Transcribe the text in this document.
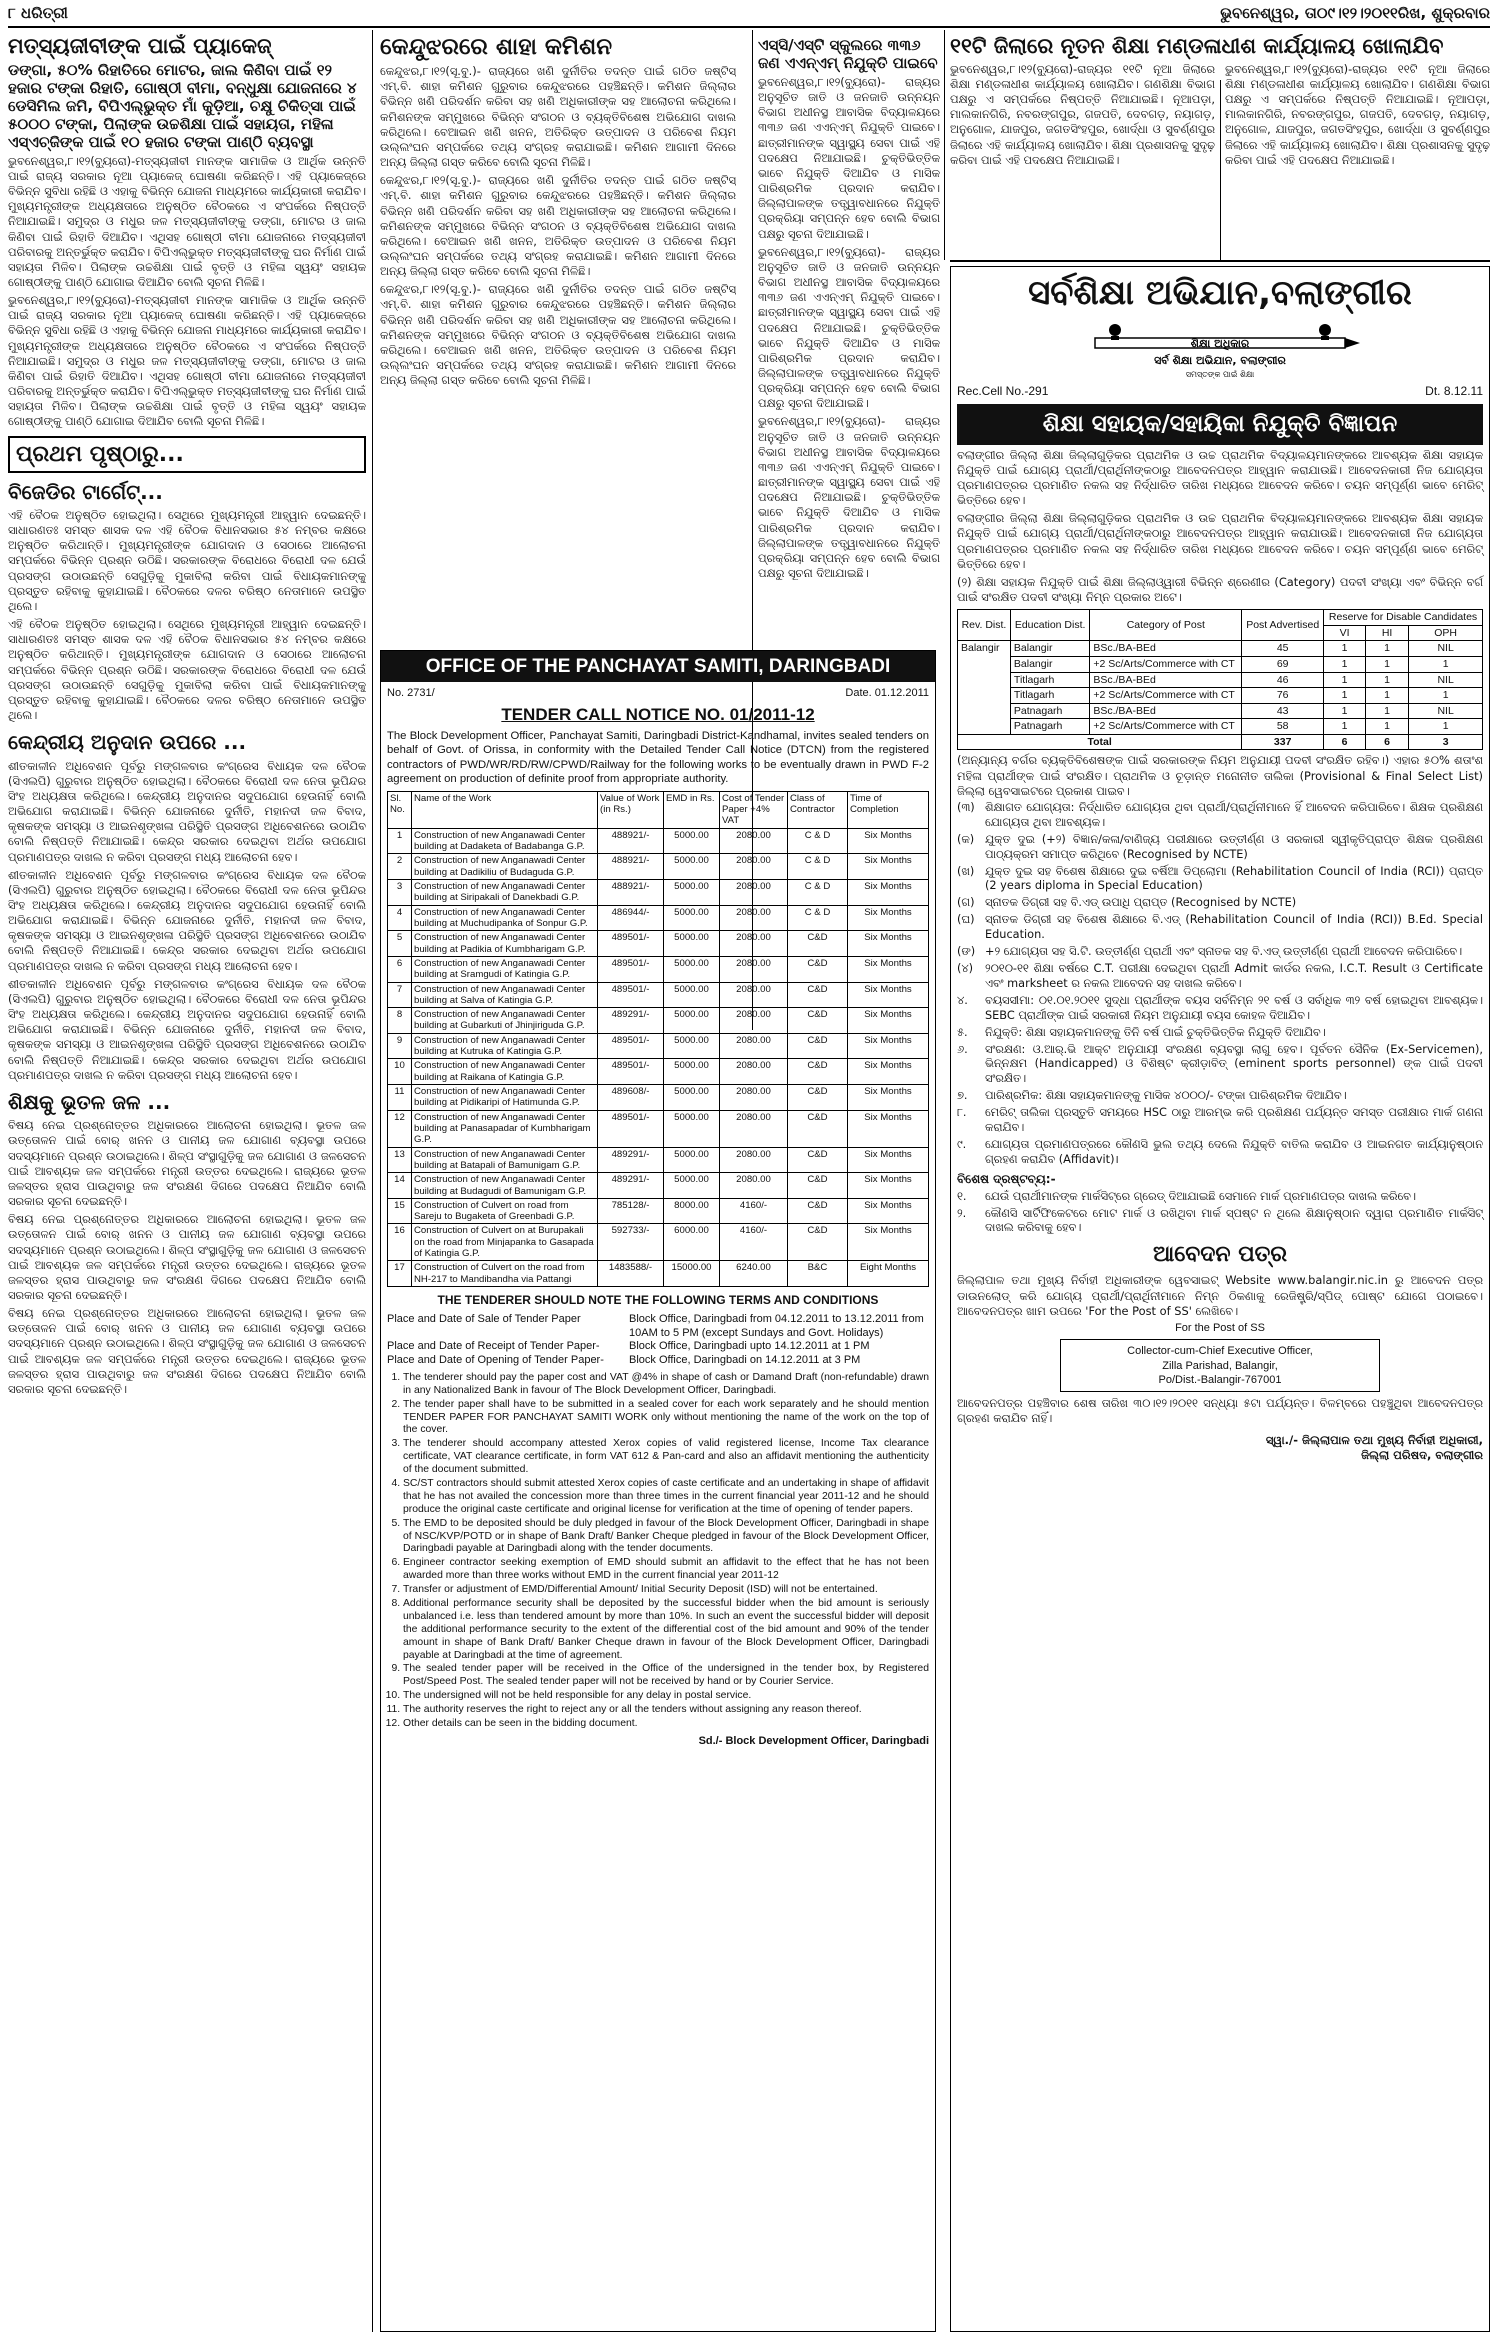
୮ ଧରିତ୍ରୀ	ଭୁବନେଶ୍ୱର, ତା୦୯।୧୨।୨୦୧୧ରିଖ, ଶୁକ୍ରବାର
ମତ୍ସ୍ୟଜୀବୀଙ୍କ ପାଇଁ ପ୍ୟାକେଜ୍
ଡଙ୍ଗା, ୫୦% ରିହାତିରେ ମୋଟର, ଜାଲ କିଣିବା ପାଇଁ ୧୨ ହଜାର ଟଙ୍କା ରିହାତି, ଗୋଷ୍ଠୀ ବୀମା, ବନ୍ଧୁକ୍ଷା ଯୋଜନାରେ ୪ ଡେସିମିଲ ଜମି, ବିପିଏଲ୍‌ଭୁକ୍ତ ମାଁ କୁଡ଼ିଆ, ଚକ୍ଷୁ ଚିକିତ୍ସା ପାଇଁ ୫୦୦୦ ଟଙ୍କା, ପିଲାଙ୍କ ଉଚ୍ଚଶିକ୍ଷା ପାଇଁ ସହାୟତା, ମହିଳା ଏସ୍‌ଏଚ୍‌ଜିଙ୍କ ପାଇଁ ୧୦ ହଜାର ଟଙ୍କା ପାଣ୍ଠି ବ୍ୟବସ୍ଥା
ଭୁବନେଶ୍ୱର,୮।୧୨(ବ୍ୟୁରୋ)-ମତ୍ସ୍ୟଜୀବୀ ମାନଙ୍କ ସାମାଜିକ ଓ ଆର୍ଥିକ ଉନ୍ନତି ପାଇଁ ରାଜ୍ୟ ସରକାର ନୂଆ ପ୍ୟାକେଜ୍ ଘୋଷଣା କରିଛନ୍ତି। ଏହି ପ୍ୟାକେଜ୍‌ରେ ବିଭିନ୍ନ ସୁବିଧା ରହିଛି ଓ ଏହାକୁ ବିଭିନ୍ନ ଯୋଜନା ମାଧ୍ୟମରେ କାର୍ଯ୍ୟକାରୀ କରାଯିବ। ମୁଖ୍ୟମନ୍ତ୍ରୀଙ୍କ ଅଧ୍ୟକ୍ଷତାରେ ଅନୁଷ୍ଠିତ ବୈଠକରେ ଏ ସଂପର୍କରେ ନିଷ୍ପତ୍ତି ନିଆଯାଇଛି। ସମୁଦ୍ର ଓ ମଧୁର ଜଳ ମତ୍ସ୍ୟଜୀବୀଙ୍କୁ ଡଙ୍ଗା, ମୋଟର ଓ ଜାଲ କିଣିବା ପାଇଁ ରିହାତି ଦିଆଯିବ। ଏଥିସହ ଗୋଷ୍ଠୀ ବୀମା ଯୋଜନାରେ ମତ୍ସ୍ୟଜୀବୀ ପରିବାରକୁ ଅନ୍ତର୍ଭୁକ୍ତ କରାଯିବ। ବିପିଏଲ୍‌ଭୁକ୍ତ ମତ୍ସ୍ୟଜୀବୀଙ୍କୁ ଘର ନିର୍ମାଣ ପାଇଁ ସହାୟତା ମିଳିବ। ପିଲାଙ୍କ ଉଚ୍ଚଶିକ୍ଷା ପାଇଁ ବୃତ୍ତି ଓ ମହିଳା ସ୍ୱୟଂ ସହାୟକ ଗୋଷ୍ଠୀଙ୍କୁ ପାଣ୍ଠି ଯୋଗାଇ ଦିଆଯିବ ବୋଲି ସୂଚନା ମିଳିଛି।
ଭୁବନେଶ୍ୱର,୮।୧୨(ବ୍ୟୁରୋ)-ମତ୍ସ୍ୟଜୀବୀ ମାନଙ୍କ ସାମାଜିକ ଓ ଆର୍ଥିକ ଉନ୍ନତି ପାଇଁ ରାଜ୍ୟ ସରକାର ନୂଆ ପ୍ୟାକେଜ୍ ଘୋଷଣା କରିଛନ୍ତି। ଏହି ପ୍ୟାକେଜ୍‌ରେ ବିଭିନ୍ନ ସୁବିଧା ରହିଛି ଓ ଏହାକୁ ବିଭିନ୍ନ ଯୋଜନା ମାଧ୍ୟମରେ କାର୍ଯ୍ୟକାରୀ କରାଯିବ। ମୁଖ୍ୟମନ୍ତ୍ରୀଙ୍କ ଅଧ୍ୟକ୍ଷତାରେ ଅନୁଷ୍ଠିତ ବୈଠକରେ ଏ ସଂପର୍କରେ ନିଷ୍ପତ୍ତି ନିଆଯାଇଛି। ସମୁଦ୍ର ଓ ମଧୁର ଜଳ ମତ୍ସ୍ୟଜୀବୀଙ୍କୁ ଡଙ୍ଗା, ମୋଟର ଓ ଜାଲ କିଣିବା ପାଇଁ ରିହାତି ଦିଆଯିବ। ଏଥିସହ ଗୋଷ୍ଠୀ ବୀମା ଯୋଜନାରେ ମତ୍ସ୍ୟଜୀବୀ ପରିବାରକୁ ଅନ୍ତର୍ଭୁକ୍ତ କରାଯିବ। ବିପିଏଲ୍‌ଭୁକ୍ତ ମତ୍ସ୍ୟଜୀବୀଙ୍କୁ ଘର ନିର୍ମାଣ ପାଇଁ ସହାୟତା ମିଳିବ। ପିଲାଙ୍କ ଉଚ୍ଚଶିକ୍ଷା ପାଇଁ ବୃତ୍ତି ଓ ମହିଳା ସ୍ୱୟଂ ସହାୟକ ଗୋଷ୍ଠୀଙ୍କୁ ପାଣ୍ଠି ଯୋଗାଇ ଦିଆଯିବ ବୋଲି ସୂଚନା ମିଳିଛି।
ପ୍ରଥମ ପୃଷ୍ଠାରୁ...
ବିଜେଡିର ଟାର୍ଗେଟ୍...
ଏହି ବୈଠକ ଅନୁଷ୍ଠିତ ହୋଇଥିଲା। ସେଥିରେ ମୁଖ୍ୟମନ୍ତ୍ରୀ ଆହ୍ୱାନ ଦେଇଛନ୍ତି। ସାଧାରଣତଃ ସମସ୍ତ ଶାସକ ଦଳ ଏହି ବୈଠକ ବିଧାନସଭାର ୫୪ ନମ୍ବର କକ୍ଷରେ ଅନୁଷ୍ଠିତ କରିଥାନ୍ତି। ମୁଖ୍ୟମନ୍ତ୍ରୀଙ୍କ ଯୋଗଦାନ ଓ ସେଠାରେ ଆଲୋଚନା ସମ୍ପର୍କରେ ବିଭିନ୍ନ ପ୍ରଶ୍ନ ଉଠିଛି। ସରକାରଙ୍କ ବିରୋଧରେ ବିରୋଧୀ ଦଳ ଯେଉଁ ପ୍ରସଙ୍ଗ ଉଠାଉଛନ୍ତି ସେଗୁଡ଼ିକୁ ମୁକାବିଲା କରିବା ପାଇଁ ବିଧାୟକମାନଙ୍କୁ ପ୍ରସ୍ତୁତ ରହିବାକୁ କୁହାଯାଇଛି। ବୈଠକରେ ଦଳର ବରିଷ୍ଠ ନେତାମାନେ ଉପସ୍ଥିତ ଥିଲେ।
ଏହି ବୈଠକ ଅନୁଷ୍ଠିତ ହୋଇଥିଲା। ସେଥିରେ ମୁଖ୍ୟମନ୍ତ୍ରୀ ଆହ୍ୱାନ ଦେଇଛନ୍ତି। ସାଧାରଣତଃ ସମସ୍ତ ଶାସକ ଦଳ ଏହି ବୈଠକ ବିଧାନସଭାର ୫୪ ନମ୍ବର କକ୍ଷରେ ଅନୁଷ୍ଠିତ କରିଥାନ୍ତି। ମୁଖ୍ୟମନ୍ତ୍ରୀଙ୍କ ଯୋଗଦାନ ଓ ସେଠାରେ ଆଲୋଚନା ସମ୍ପର୍କରେ ବିଭିନ୍ନ ପ୍ରଶ୍ନ ଉଠିଛି। ସରକାରଙ୍କ ବିରୋଧରେ ବିରୋଧୀ ଦଳ ଯେଉଁ ପ୍ରସଙ୍ଗ ଉଠାଉଛନ୍ତି ସେଗୁଡ଼ିକୁ ମୁକାବିଲା କରିବା ପାଇଁ ବିଧାୟକମାନଙ୍କୁ ପ୍ରସ୍ତୁତ ରହିବାକୁ କୁହାଯାଇଛି। ବୈଠକରେ ଦଳର ବରିଷ୍ଠ ନେତାମାନେ ଉପସ୍ଥିତ ଥିଲେ।
କେନ୍ଦ୍ରୀୟ ଅନୁଦାନ ଉପରେ ...
ଶୀତକାଳୀନ ଅଧିବେଶନ ପୂର୍ବରୁ ମଙ୍ଗଳବାର କଂଗ୍ରେସ ବିଧାୟକ ଦଳ ବୈଠକ (ସିଏଲପି) ଗୁରୁବାର ଅନୁଷ୍ଠିତ ହୋଇଥିଲା। ବୈଠକରେ ବିରୋଧୀ ଦଳ ନେତା ଭୂପିନ୍ଦର ସିଂହ ଅଧ୍ୟକ୍ଷତା କରିଥିଲେ। କେନ୍ଦ୍ରୀୟ ଅନୁଦାନର ସଦୁପଯୋଗ ହେଉନାହିଁ ବୋଲି ଅଭିଯୋଗ କରାଯାଇଛି। ବିଭିନ୍ନ ଯୋଜନାରେ ଦୁର୍ନୀତି, ମହାନଦୀ ଜଳ ବିବାଦ, କୃଷକଙ୍କ ସମସ୍ୟା ଓ ଆଇନଶୃଙ୍ଖଳା ପରିସ୍ଥିତି ପ୍ରସଙ୍ଗ ଅଧିବେଶନରେ ଉଠାଯିବ ବୋଲି ନିଷ୍ପତ୍ତି ନିଆଯାଇଛି। କେନ୍ଦ୍ର ସରକାର ଦେଇଥିବା ଅର୍ଥର ଉପଯୋଗ ପ୍ରମାଣପତ୍ର ଦାଖଲ ନ କରିବା ପ୍ରସଙ୍ଗ ମଧ୍ୟ ଆଲୋଚନା ହେବ।
ଶୀତକାଳୀନ ଅଧିବେଶନ ପୂର୍ବରୁ ମଙ୍ଗଳବାର କଂଗ୍ରେସ ବିଧାୟକ ଦଳ ବୈଠକ (ସିଏଲପି) ଗୁରୁବାର ଅନୁଷ୍ଠିତ ହୋଇଥିଲା। ବୈଠକରେ ବିରୋଧୀ ଦଳ ନେତା ଭୂପିନ୍ଦର ସିଂହ ଅଧ୍ୟକ୍ଷତା କରିଥିଲେ। କେନ୍ଦ୍ରୀୟ ଅନୁଦାନର ସଦୁପଯୋଗ ହେଉନାହିଁ ବୋଲି ଅଭିଯୋଗ କରାଯାଇଛି। ବିଭିନ୍ନ ଯୋଜନାରେ ଦୁର୍ନୀତି, ମହାନଦୀ ଜଳ ବିବାଦ, କୃଷକଙ୍କ ସମସ୍ୟା ଓ ଆଇନଶୃଙ୍ଖଳା ପରିସ୍ଥିତି ପ୍ରସଙ୍ଗ ଅଧିବେଶନରେ ଉଠାଯିବ ବୋଲି ନିଷ୍ପତ୍ତି ନିଆଯାଇଛି। କେନ୍ଦ୍ର ସରକାର ଦେଇଥିବା ଅର୍ଥର ଉପଯୋଗ ପ୍ରମାଣପତ୍ର ଦାଖଲ ନ କରିବା ପ୍ରସଙ୍ଗ ମଧ୍ୟ ଆଲୋଚନା ହେବ।
ଶୀତକାଳୀନ ଅଧିବେଶନ ପୂର୍ବରୁ ମଙ୍ଗଳବାର କଂଗ୍ରେସ ବିଧାୟକ ଦଳ ବୈଠକ (ସିଏଲପି) ଗୁରୁବାର ଅନୁଷ୍ଠିତ ହୋଇଥିଲା। ବୈଠକରେ ବିରୋଧୀ ଦଳ ନେତା ଭୂପିନ୍ଦର ସିଂହ ଅଧ୍ୟକ୍ଷତା କରିଥିଲେ। କେନ୍ଦ୍ରୀୟ ଅନୁଦାନର ସଦୁପଯୋଗ ହେଉନାହିଁ ବୋଲି ଅଭିଯୋଗ କରାଯାଇଛି। ବିଭିନ୍ନ ଯୋଜନାରେ ଦୁର୍ନୀତି, ମହାନଦୀ ଜଳ ବିବାଦ, କୃଷକଙ୍କ ସମସ୍ୟା ଓ ଆଇନଶୃଙ୍ଖଳା ପରିସ୍ଥିତି ପ୍ରସଙ୍ଗ ଅଧିବେଶନରେ ଉଠାଯିବ ବୋଲି ନିଷ୍ପତ୍ତି ନିଆଯାଇଛି। କେନ୍ଦ୍ର ସରକାର ଦେଇଥିବା ଅର୍ଥର ଉପଯୋଗ ପ୍ରମାଣପତ୍ର ଦାଖଲ ନ କରିବା ପ୍ରସଙ୍ଗ ମଧ୍ୟ ଆଲୋଚନା ହେବ।
ଶିକ୍ଷକୁ ଭୂତଳ ଜଳ ...
ବିଷୟ ନେଇ ପ୍ରଶ୍ନୋତ୍ତର ଅଧିକାରରେ ଆଲୋଚନା ହୋଇଥିଲା। ଭୂତଳ ଜଳ ଉତ୍ତୋଳନ ପାଇଁ ବୋର୍ ଖନନ ଓ ପାନୀୟ ଜଳ ଯୋଗାଣ ବ୍ୟବସ୍ଥା ଉପରେ ସଦସ୍ୟମାନେ ପ୍ରଶ୍ନ ଉଠାଇଥିଲେ। ଶିଳ୍ପ ସଂସ୍ଥାଗୁଡ଼ିକୁ ଜଳ ଯୋଗାଣ ଓ ଜଳସେଚନ ପାଇଁ ଆବଶ୍ୟକ ଜଳ ସମ୍ପର୍କରେ ମନ୍ତ୍ରୀ ଉତ୍ତର ଦେଇଥିଲେ। ରାଜ୍ୟରେ ଭୂତଳ ଜଳସ୍ତର ହ୍ରାସ ପାଉଥିବାରୁ ଜଳ ସଂରକ୍ଷଣ ଦିଗରେ ପଦକ୍ଷେପ ନିଆଯିବ ବୋଲି ସରକାର ସୂଚନା ଦେଇଛନ୍ତି।
ବିଷୟ ନେଇ ପ୍ରଶ୍ନୋତ୍ତର ଅଧିକାରରେ ଆଲୋଚନା ହୋଇଥିଲା। ଭୂତଳ ଜଳ ଉତ୍ତୋଳନ ପାଇଁ ବୋର୍ ଖନନ ଓ ପାନୀୟ ଜଳ ଯୋଗାଣ ବ୍ୟବସ୍ଥା ଉପରେ ସଦସ୍ୟମାନେ ପ୍ରଶ୍ନ ଉଠାଇଥିଲେ। ଶିଳ୍ପ ସଂସ୍ଥାଗୁଡ଼ିକୁ ଜଳ ଯୋଗାଣ ଓ ଜଳସେଚନ ପାଇଁ ଆବଶ୍ୟକ ଜଳ ସମ୍ପର୍କରେ ମନ୍ତ୍ରୀ ଉତ୍ତର ଦେଇଥିଲେ। ରାଜ୍ୟରେ ଭୂତଳ ଜଳସ୍ତର ହ୍ରାସ ପାଉଥିବାରୁ ଜଳ ସଂରକ୍ଷଣ ଦିଗରେ ପଦକ୍ଷେପ ନିଆଯିବ ବୋଲି ସରକାର ସୂଚନା ଦେଇଛନ୍ତି।
ବିଷୟ ନେଇ ପ୍ରଶ୍ନୋତ୍ତର ଅଧିକାରରେ ଆଲୋଚନା ହୋଇଥିଲା। ଭୂତଳ ଜଳ ଉତ୍ତୋଳନ ପାଇଁ ବୋର୍ ଖନନ ଓ ପାନୀୟ ଜଳ ଯୋଗାଣ ବ୍ୟବସ୍ଥା ଉପରେ ସଦସ୍ୟମାନେ ପ୍ରଶ୍ନ ଉଠାଇଥିଲେ। ଶିଳ୍ପ ସଂସ୍ଥାଗୁଡ଼ିକୁ ଜଳ ଯୋଗାଣ ଓ ଜଳସେଚନ ପାଇଁ ଆବଶ୍ୟକ ଜଳ ସମ୍ପର୍କରେ ମନ୍ତ୍ରୀ ଉତ୍ତର ଦେଇଥିଲେ। ରାଜ୍ୟରେ ଭୂତଳ ଜଳସ୍ତର ହ୍ରାସ ପାଉଥିବାରୁ ଜଳ ସଂରକ୍ଷଣ ଦିଗରେ ପଦକ୍ଷେପ ନିଆଯିବ ବୋଲି ସରକାର ସୂଚନା ଦେଇଛନ୍ତି।
କେନ୍ଦୁଝରରେ ଶାହା କମିଶନ
କେନ୍ଦୁଝର,୮।୧୨(ସୂ.ବୁ.)- ରାଜ୍ୟରେ ଖଣି ଦୁର୍ନୀତିର ତଦନ୍ତ ପାଇଁ ଗଠିତ ଜଷ୍ଟିସ୍ ଏମ୍.ବି. ଶାହା କମିଶନ ଗୁରୁବାର କେନ୍ଦୁଝରରେ ପହଞ୍ଚିଛନ୍ତି। କମିଶନ ଜିଲ୍ଲାର ବିଭିନ୍ନ ଖଣି ପରିଦର୍ଶନ କରିବା ସହ ଖଣି ଅଧିକାରୀଙ୍କ ସହ ଆଲୋଚନା କରିଥିଲେ। କମିଶନଙ୍କ ସମ୍ମୁଖରେ ବିଭିନ୍ନ ସଂଗଠନ ଓ ବ୍ୟକ୍ତିବିଶେଷ ଅଭିଯୋଗ ଦାଖଲ କରିଥିଲେ। ବେଆଇନ ଖଣି ଖନନ, ଅତିରିକ୍ତ ଉତ୍ପାଦନ ଓ ପରିବେଶ ନିୟମ ଉଲ୍ଲଂଘନ ସମ୍ପର୍କରେ ତଥ୍ୟ ସଂଗ୍ରହ କରାଯାଇଛି। କମିଶନ ଆଗାମୀ ଦିନରେ ଅନ୍ୟ ଜିଲ୍ଲା ଗସ୍ତ କରିବେ ବୋଲି ସୂଚନା ମିଳିଛି।
କେନ୍ଦୁଝର,୮।୧୨(ସୂ.ବୁ.)- ରାଜ୍ୟରେ ଖଣି ଦୁର୍ନୀତିର ତଦନ୍ତ ପାଇଁ ଗଠିତ ଜଷ୍ଟିସ୍ ଏମ୍.ବି. ଶାହା କମିଶନ ଗୁରୁବାର କେନ୍ଦୁଝରରେ ପହଞ୍ଚିଛନ୍ତି। କମିଶନ ଜିଲ୍ଲାର ବିଭିନ୍ନ ଖଣି ପରିଦର୍ଶନ କରିବା ସହ ଖଣି ଅଧିକାରୀଙ୍କ ସହ ଆଲୋଚନା କରିଥିଲେ। କମିଶନଙ୍କ ସମ୍ମୁଖରେ ବିଭିନ୍ନ ସଂଗଠନ ଓ ବ୍ୟକ୍ତିବିଶେଷ ଅଭିଯୋଗ ଦାଖଲ କରିଥିଲେ। ବେଆଇନ ଖଣି ଖନନ, ଅତିରିକ୍ତ ଉତ୍ପାଦନ ଓ ପରିବେଶ ନିୟମ ଉଲ୍ଲଂଘନ ସମ୍ପର୍କରେ ତଥ୍ୟ ସଂଗ୍ରହ କରାଯାଇଛି। କମିଶନ ଆଗାମୀ ଦିନରେ ଅନ୍ୟ ଜିଲ୍ଲା ଗସ୍ତ କରିବେ ବୋଲି ସୂଚନା ମିଳିଛି।
କେନ୍ଦୁଝର,୮।୧୨(ସୂ.ବୁ.)- ରାଜ୍ୟରେ ଖଣି ଦୁର୍ନୀତିର ତଦନ୍ତ ପାଇଁ ଗଠିତ ଜଷ୍ଟିସ୍ ଏମ୍.ବି. ଶାହା କମିଶନ ଗୁରୁବାର କେନ୍ଦୁଝରରେ ପହଞ୍ଚିଛନ୍ତି। କମିଶନ ଜିଲ୍ଲାର ବିଭିନ୍ନ ଖଣି ପରିଦର୍ଶନ କରିବା ସହ ଖଣି ଅଧିକାରୀଙ୍କ ସହ ଆଲୋଚନା କରିଥିଲେ। କମିଶନଙ୍କ ସମ୍ମୁଖରେ ବିଭିନ୍ନ ସଂଗଠନ ଓ ବ୍ୟକ୍ତିବିଶେଷ ଅଭିଯୋଗ ଦାଖଲ କରିଥିଲେ। ବେଆଇନ ଖଣି ଖନନ, ଅତିରିକ୍ତ ଉତ୍ପାଦନ ଓ ପରିବେଶ ନିୟମ ଉଲ୍ଲଂଘନ ସମ୍ପର୍କରେ ତଥ୍ୟ ସଂଗ୍ରହ କରାଯାଇଛି। କମିଶନ ଆଗାମୀ ଦିନରେ ଅନ୍ୟ ଜିଲ୍ଲା ଗସ୍ତ କରିବେ ବୋଲି ସୂଚନା ମିଳିଛି।
ଏସ୍‌ସି/ଏସ୍‌ଟି ସ୍କୁଲରେ ୩୩୬ ଜଣ ଏଏନ୍‌ଏମ୍ ନିଯୁକ୍ତି ପାଇବେ
ଭୁବନେଶ୍ୱର,୮।୧୨(ବ୍ୟୁରୋ)- ରାଜ୍ୟର ଅନୁସୂଚିତ ଜାତି ଓ ଜନଜାତି ଉନ୍ନୟନ ବିଭାଗ ଅଧୀନସ୍ଥ ଆବାସିକ ବିଦ୍ୟାଳୟରେ ୩୩୬ ଜଣ ଏଏନ୍‌ଏମ୍ ନିଯୁକ୍ତି ପାଇବେ। ଛାତ୍ରୀମାନଙ୍କ ସ୍ୱାସ୍ଥ୍ୟ ସେବା ପାଇଁ ଏହି ପଦକ୍ଷେପ ନିଆଯାଇଛି। ଚୁକ୍ତିଭିତ୍ତିକ ଭାବେ ନିଯୁକ୍ତି ଦିଆଯିବ ଓ ମାସିକ ପାରିଶ୍ରମିକ ପ୍ରଦାନ କରାଯିବ। ଜିଲ୍ଲାପାଳଙ୍କ ତତ୍ତ୍ୱାବଧାନରେ ନିଯୁକ୍ତି ପ୍ରକ୍ରିୟା ସମ୍ପନ୍ନ ହେବ ବୋଲି ବିଭାଗ ପକ୍ଷରୁ ସୂଚନା ଦିଆଯାଇଛି।
ଭୁବନେଶ୍ୱର,୮।୧୨(ବ୍ୟୁରୋ)- ରାଜ୍ୟର ଅନୁସୂଚିତ ଜାତି ଓ ଜନଜାତି ଉନ୍ନୟନ ବିଭାଗ ଅଧୀନସ୍ଥ ଆବାସିକ ବିଦ୍ୟାଳୟରେ ୩୩୬ ଜଣ ଏଏନ୍‌ଏମ୍ ନିଯୁକ୍ତି ପାଇବେ। ଛାତ୍ରୀମାନଙ୍କ ସ୍ୱାସ୍ଥ୍ୟ ସେବା ପାଇଁ ଏହି ପଦକ୍ଷେପ ନିଆଯାଇଛି। ଚୁକ୍ତିଭିତ୍ତିକ ଭାବେ ନିଯୁକ୍ତି ଦିଆଯିବ ଓ ମାସିକ ପାରିଶ୍ରମିକ ପ୍ରଦାନ କରାଯିବ। ଜିଲ୍ଲାପାଳଙ୍କ ତତ୍ତ୍ୱାବଧାନରେ ନିଯୁକ୍ତି ପ୍ରକ୍ରିୟା ସମ୍ପନ୍ନ ହେବ ବୋଲି ବିଭାଗ ପକ୍ଷରୁ ସୂଚନା ଦିଆଯାଇଛି।
ଭୁବନେଶ୍ୱର,୮।୧୨(ବ୍ୟୁରୋ)- ରାଜ୍ୟର ଅନୁସୂଚିତ ଜାତି ଓ ଜନଜାତି ଉନ୍ନୟନ ବିଭାଗ ଅଧୀନସ୍ଥ ଆବାସିକ ବିଦ୍ୟାଳୟରେ ୩୩୬ ଜଣ ଏଏନ୍‌ଏମ୍ ନିଯୁକ୍ତି ପାଇବେ। ଛାତ୍ରୀମାନଙ୍କ ସ୍ୱାସ୍ଥ୍ୟ ସେବା ପାଇଁ ଏହି ପଦକ୍ଷେପ ନିଆଯାଇଛି। ଚୁକ୍ତିଭିତ୍ତିକ ଭାବେ ନିଯୁକ୍ତି ଦିଆଯିବ ଓ ମାସିକ ପାରିଶ୍ରମିକ ପ୍ରଦାନ କରାଯିବ। ଜିଲ୍ଲାପାଳଙ୍କ ତତ୍ତ୍ୱାବଧାନରେ ନିଯୁକ୍ତି ପ୍ରକ୍ରିୟା ସମ୍ପନ୍ନ ହେବ ବୋଲି ବିଭାଗ ପକ୍ଷରୁ ସୂଚନା ଦିଆଯାଇଛି।
୧୧ଟି ଜିଲାରେ ନୂତନ ଶିକ୍ଷା ମଣ୍ଡଳାଧୀଶ କାର୍ଯ୍ୟାଳୟ ଖୋଲାଯିବ
ଭୁବନେଶ୍ୱର,୮।୧୨(ବ୍ୟୁରୋ)-ରାଜ୍ୟର ୧୧ଟି ନୂଆ ଜିଲାରେ ଶିକ୍ଷା ମଣ୍ଡଳାଧୀଶ କାର୍ଯ୍ୟାଳୟ ଖୋଲାଯିବ। ଗଣଶିକ୍ଷା ବିଭାଗ ପକ୍ଷରୁ ଏ ସମ୍ପର୍କରେ ନିଷ୍ପତ୍ତି ନିଆଯାଇଛି। ନୂଆପଡ଼ା, ମାଲକାନଗିରି, ନବରଙ୍ଗପୁର, ଗଜପତି, ଦେବଗଡ଼, ନୟାଗଡ଼, ଅନୁଗୋଳ, ଯାଜପୁର, ଜଗତସିଂହପୁର, ଖୋର୍ଦ୍ଧା ଓ ସୁବର୍ଣ୍ଣପୁର ଜିଲାରେ ଏହି କାର୍ଯ୍ୟାଳୟ ଖୋଲାଯିବ। ଶିକ୍ଷା ପ୍ରଶାସନକୁ ସୁଦୃଢ଼ କରିବା ପାଇଁ ଏହି ପଦକ୍ଷେପ ନିଆଯାଇଛି।
ଭୁବନେଶ୍ୱର,୮।୧୨(ବ୍ୟୁରୋ)-ରାଜ୍ୟର ୧୧ଟି ନୂଆ ଜିଲାରେ ଶିକ୍ଷା ମଣ୍ଡଳାଧୀଶ କାର୍ଯ୍ୟାଳୟ ଖୋଲାଯିବ। ଗଣଶିକ୍ଷା ବିଭାଗ ପକ୍ଷରୁ ଏ ସମ୍ପର୍କରେ ନିଷ୍ପତ୍ତି ନିଆଯାଇଛି। ନୂଆପଡ଼ା, ମାଲକାନଗିରି, ନବରଙ୍ଗପୁର, ଗଜପତି, ଦେବଗଡ଼, ନୟାଗଡ଼, ଅନୁଗୋଳ, ଯାଜପୁର, ଜଗତସିଂହପୁର, ଖୋର୍ଦ୍ଧା ଓ ସୁବର୍ଣ୍ଣପୁର ଜିଲାରେ ଏହି କାର୍ଯ୍ୟାଳୟ ଖୋଲାଯିବ। ଶିକ୍ଷା ପ୍ରଶାସନକୁ ସୁଦୃଢ଼ କରିବା ପାଇଁ ଏହି ପଦକ୍ଷେପ ନିଆଯାଇଛି।
OFFICE OF THE PANCHAYAT SAMITI, DARINGBADI
No. 2731/	Date. 01.12.2011
TENDER CALL NOTICE NO. 01/2011-12
The Block Development Officer, Panchayat Samiti, Daringbadi District-Kandhamal, invites sealed tenders on behalf of Govt. of Orissa, in conformity with the Detailed Tender Call Notice (DTCN) from the registered contractors of PWD/WR/RD/RW/CPWD/Railway for the following works to be eventually drawn in PWD F-2 agreement on production of definite proof from appropriate authority.
Sl. No.	Name of the Work	Value of Work (in Rs.)	EMD in Rs.	Cost of Tender Paper +4% VAT	Class of Contractor	Time of Completion
1	Construction of new Anganawadi Center building at Dadaketa of Badabanga G.P.	488921/-	5000.00	2080.00	C & D	Six Months
2	Construction of new Anganawadi Center building at Dadikiliu of Budaguda G.P.	488921/-	5000.00	2080.00	C & D	Six Months
3	Construction of new Anganawadi Center building at Siripakali of Danekbadi G.P.	488921/-	5000.00	2080.00	C & D	Six Months
4	Construction of new Anganawadi Center building at Muchudipanka of Sonpur G.P.	486944/-	5000.00	2080.00	C & D	Six Months
5	Construction of new Anganawadi Center building at Padikia of Kumbharigam G.P.	489501/-	5000.00	2080.00	C&D	Six Months
6	Construction of new Anganawadi Center building at Sramgudi of Katingia G.P.	489501/-	5000.00	2080.00	C&D	Six Months
7	Construction of new Anganawadi Center building at Salva of Katingia G.P.	489501/-	5000.00	2080.00	C&D	Six Months
8	Construction of new Anganawadi Center building at Gubarkuti of Jhinjiriguda G.P.	489291/-	5000.00	2080.00	C&D	Six Months
9	Construction of new Anganawadi Center building at Kutruka of Katingia G.P.	489501/-	5000.00	2080.00	C&D	Six Months
10	Construction of new Anganawadi Center building at Raikana of Katingia G.P.	489501/-	5000.00	2080.00	C&D	Six Months
11	Construction of new Anganawadi Center building at Pidikaripi of Hatimunda G.P.	489608/-	5000.00	2080.00	C&D	Six Months
12	Construction of new Anganawadi Center building at Panasapadar of Kumbharigam G.P.	489501/-	5000.00	2080.00	C&D	Six Months
13	Construction of new Anganawadi Center building at Batapali of Bamunigam G.P.	489291/-	5000.00	2080.00	C&D	Six Months
14	Construction of new Anganawadi Center building at Budagudi of Bamunigam G.P.	489291/-	5000.00	2080.00	C&D	Six Months
15	Construction of Culvert on road from Sareju to Bugaketa of Greenbadi G.P.	785128/-	8000.00	4160/-	C&D	Six Months
16	Construction of Culvert on at Burupakali on the road from Minjapanka to Gasapada of Katingia G.P.	592733/-	6000.00	4160/-	C&D	Six Months
17	Construction of Culvert on the road from NH-217 to Mandibandha via Pattangi	1483588/-	15000.00	6240.00	B&C	Eight Months
THE TENDERER SHOULD NOTE THE FOLLOWING TERMS AND CONDITIONS
Place and Date of Sale of Tender Paper	Block Office, Daringbadi from 04.12.2011 to 13.12.2011 from 10AM to 5 PM (except Sundays and Govt. Holidays)
Place and Date of Receipt of Tender Paper-	Block Office, Daringbadi upto 14.12.2011 at 1 PM
Place and Date of Opening of Tender Paper-	Block Office, Daringbadi on 14.12.2011 at 3 PM
1. The tenderer should pay the paper cost and VAT @4% in shape of cash or Damand Draft (non-refundable) drawn in any Nationalized Bank in favour of The Block Development Officer, Daringbadi.
2. The tender paper shall have to be submitted in a sealed cover for each work separately and he should mention TENDER PAPER FOR PANCHAYAT SAMITI WORK only without mentioning the name of the work on the top of the cover.
3. The tenderer should accompany attested Xerox copies of valid registered license, Income Tax clearance certificate, VAT clearance certificate, in form VAT 612 & Pan-card and also an affidavit mentioning the authenticity of the document submitted.
4. SC/ST contractors should submit attested Xerox copies of caste certificate and an undertaking in shape of affidavit that he has not availed the concession more than three times in the current financial year 2011-12 and he should produce the original caste certificate and original license for verification at the time of opening of tender papers.
5. The EMD to be deposited should be duly pledged in favour of the Block Development Officer, Daringbadi in shape of NSC/KVP/POTD or in shape of Bank Draft/ Banker Cheque pledged in favour of the Block Development Officer, Daringbadi payable at Daringbadi along with the tender documents.
6. Engineer contractor seeking exemption of EMD should submit an affidavit to the effect that he has not been awarded more than three works without EMD in the current financial year 2011-12
7. Transfer or adjustment of EMD/Differential Amount/ Initial Security Deposit (ISD) will not be entertained.
8. Additional performance security shall be deposited by the successful bidder when the bid amount is seriously unbalanced i.e. less than tendered amount by more than 10%. In such an event the successful bidder will deposit the additional performance security to the extent of the differential cost of the bid amount and 90% of the tender amount in shape of Bank Draft/ Banker Cheque drawn in favour of the Block Development Officer, Daringbadi payable at Daringbadi at the time of agreement.
9. The sealed tender paper will be received in the Office of the undersigned in the tender box, by Registered Post/Speed Post. The sealed tender paper will not be received by hand or by Courier Service.
10. The undersigned will not be held responsible for any delay in postal service.
11. The authority reserves the right to reject any or all the tenders without assigning any reason thereof.
12. Other details can be seen in the bidding document.
Sd./- Block Development Officer, Daringbadi
ସର୍ବଶିକ୍ଷା ଅଭିଯାନ,ବଲାଙ୍ଗୀର
ଶିକ୍ଷା ଅଧିକାର
ସର୍ବ ଶିକ୍ଷା ଅଭିଯାନ, ବଲାଙ୍ଗୀର
ସମସ୍ତଙ୍କ ପାଇଁ ଶିକ୍ଷା
Rec.Cell No.-291	Dt. 8.12.11
ଶିକ୍ଷା ସହାୟକ/ସହାୟିକା ନିଯୁକ୍ତି ବିଜ୍ଞାପନ
ବଲାଙ୍ଗୀର ଜିଲ୍ଲା ଶିକ୍ଷା ଜିଲ୍ଲାଗୁଡ଼ିକର ପ୍ରାଥମିକ ଓ ଉଚ୍ଚ ପ୍ରାଥମିକ ବିଦ୍ୟାଳୟମାନଙ୍କରେ ଆବଶ୍ୟକ ଶିକ୍ଷା ସହାୟକ ନିଯୁକ୍ତି ପାଇଁ ଯୋଗ୍ୟ ପ୍ରାର୍ଥୀ/ପ୍ରାର୍ଥିନୀଙ୍କଠାରୁ ଆବେଦନପତ୍ର ଆହ୍ୱାନ କରାଯାଉଛି। ଆବେଦନକାରୀ ନିଜ ଯୋଗ୍ୟତା ପ୍ରମାଣପତ୍ରର ପ୍ରମାଣିତ ନକଲ ସହ ନିର୍ଦ୍ଧାରିତ ତାରିଖ ମଧ୍ୟରେ ଆବେଦନ କରିବେ। ଚୟନ ସମ୍ପୂର୍ଣ୍ଣ ଭାବେ ମେରିଟ୍ ଭିତ୍ତିରେ ହେବ।
ବଲାଙ୍ଗୀର ଜିଲ୍ଲା ଶିକ୍ଷା ଜିଲ୍ଲାଗୁଡ଼ିକର ପ୍ରାଥମିକ ଓ ଉଚ୍ଚ ପ୍ରାଥମିକ ବିଦ୍ୟାଳୟମାନଙ୍କରେ ଆବଶ୍ୟକ ଶିକ୍ଷା ସହାୟକ ନିଯୁକ୍ତି ପାଇଁ ଯୋଗ୍ୟ ପ୍ରାର୍ଥୀ/ପ୍ରାର୍ଥିନୀଙ୍କଠାରୁ ଆବେଦନପତ୍ର ଆହ୍ୱାନ କରାଯାଉଛି। ଆବେଦନକାରୀ ନିଜ ଯୋଗ୍ୟତା ପ୍ରମାଣପତ୍ରର ପ୍ରମାଣିତ ନକଲ ସହ ନିର୍ଦ୍ଧାରିତ ତାରିଖ ମଧ୍ୟରେ ଆବେଦନ କରିବେ। ଚୟନ ସମ୍ପୂର୍ଣ୍ଣ ଭାବେ ମେରିଟ୍ ଭିତ୍ତିରେ ହେବ।
(୨) ଶିକ୍ଷା ସହାୟକ ନିଯୁକ୍ତି ପାଇଁ ଶିକ୍ଷା ଜିଲ୍ଲାଓ୍ୱାରୀ ବିଭିନ୍ନ ଶ୍ରେଣୀର (Category) ପଦବୀ ସଂଖ୍ୟା ଏବଂ ବିଭିନ୍ନ ବର୍ଗ ପାଇଁ ସଂରକ୍ଷିତ ପଦବୀ ସଂଖ୍ୟା ନିମ୍ନ ପ୍ରକାର ଅଟେ।
Rev. Dist.	Education Dist.	Category of Post	Post Advertised	Reserve for Disable Candidates		
				VI	HI	OPH
Balangir	Balangir	BSc./BA-BEd	45	1	1	NIL
	Balangir	+2 Sc/Arts/Commerce with CT	69	1	1	1
	Titlagarh	BSc./BA-BEd	46	1	1	NIL
	Titlagarh	+2 Sc/Arts/Commerce with CT	76	1	1	1
	Patnagarh	BSc./BA-BEd	43	1	1	NIL
	Patnagarh	+2 Sc/Arts/Commerce with CT	58	1	1	1
Total			337	6	6	3
(ଅନ୍ୟାନ୍ୟ ବର୍ଗର ବ୍ୟକ୍ତିବିଶେଷଙ୍କ ପାଇଁ ସରକାରଙ୍କ ନିୟମ ଅନୁଯାୟୀ ପଦବୀ ସଂରକ୍ଷିତ ରହିବ।) ଏହାର ୫୦% ଶତାଂଶ ମହିଳା ପ୍ରାର୍ଥୀଙ୍କ ପାଇଁ ସଂରକ୍ଷିତ। ପ୍ରାଥମିକ ଓ ଚୂଡ଼ାନ୍ତ ମନୋନୀତ ତାଲିକା (Provisional & Final Select List) ଜିଲ୍ଲା ୱେବସାଇଟରେ ପ୍ରକାଶ ପାଇବ।
(୩) ଶିକ୍ଷାଗତ ଯୋଗ୍ୟତା: ନିର୍ଦ୍ଧାରିତ ଯୋଗ୍ୟତା ଥିବା ପ୍ରାର୍ଥୀ/ପ୍ରାର୍ଥିନୀମାନେ ହିଁ ଆବେଦନ କରିପାରିବେ। ଶିକ୍ଷକ ପ୍ରଶିକ୍ଷଣ ଯୋଗ୍ୟତା ଥିବା ଆବଶ୍ୟକ।
(କ) ଯୁକ୍ତ ଦୁଇ (+୨) ବିଜ୍ଞାନ/କଳା/ବାଣିଜ୍ୟ ପରୀକ୍ଷାରେ ଉତ୍ତୀର୍ଣ୍ଣ ଓ ସରକାରୀ ସ୍ୱୀକୃତିପ୍ରାପ୍ତ ଶିକ୍ଷକ ପ୍ରଶିକ୍ଷଣ ପାଠ୍ୟକ୍ରମ ସମାପ୍ତ କରିଥିବେ (Recognised by NCTE)
(ଖ) ଯୁକ୍ତ ଦୁଇ ସହ ବିଶେଷ ଶିକ୍ଷାରେ ଦୁଇ ବର୍ଷିଆ ଡିପ୍ଲୋମା (Rehabilitation Council of India (RCI)) ପ୍ରାପ୍ତ (2 years diploma in Special Education)
(ଗ) ସ୍ନାତକ ଡିଗ୍ରୀ ସହ ବି.ଏଡ୍ ଉପାଧି ପ୍ରାପ୍ତ (Recognised by NCTE)
(ଘ) ସ୍ନାତକ ଡିଗ୍ରୀ ସହ ବିଶେଷ ଶିକ୍ଷାରେ ବି.ଏଡ୍ (Rehabilitation Council of India (RCI)) B.Ed. Special Education.
(ଙ) +୨ ଯୋଗ୍ୟତା ସହ ସି.ଟି. ଉତ୍ତୀର୍ଣ୍ଣ ପ୍ରାର୍ଥୀ ଏବଂ ସ୍ନାତକ ସହ ବି.ଏଡ୍ ଉତ୍ତୀର୍ଣ୍ଣ ପ୍ରାର୍ଥୀ ଆବେଦନ କରିପାରିବେ।
(୪)	୨୦୧୦-୧୧ ଶିକ୍ଷା ବର୍ଷରେ C.T. ପରୀକ୍ଷା ଦେଇଥିବା ପ୍ରାର୍ଥୀ Admit କାର୍ଡର ନକଲ, I.C.T. Result ଓ Certificate ଏବଂ marksheet ର ନକଲ ଆବେଦନ ସହ ଦାଖଲ କରିବେ।
୪.	ବୟସସୀମା: ୦୧.୦୧.୨୦୧୧ ସୁଦ୍ଧା ପ୍ରାର୍ଥୀଙ୍କ ବୟସ ସର୍ବନିମ୍ନ ୨୧ ବର୍ଷ ଓ ସର୍ବାଧିକ ୩୨ ବର୍ଷ ହୋଇଥିବା ଆବଶ୍ୟକ। SEBC ପ୍ରାର୍ଥୀଙ୍କ ପାଇଁ ସରକାରୀ ନିୟମ ଅନୁଯାୟୀ ବୟସ କୋହଳ ଦିଆଯିବ।
୫.	ନିଯୁକ୍ତି: ଶିକ୍ଷା ସହାୟକମାନଙ୍କୁ ତିନି ବର୍ଷ ପାଇଁ ଚୁକ୍ତିଭିତ୍ତିକ ନିଯୁକ୍ତି ଦିଆଯିବ।
୬.	ସଂରକ୍ଷଣ: ଓ.ଆର୍.ଭି ଆକ୍ଟ ଅନୁଯାୟୀ ସଂରକ୍ଷଣ ବ୍ୟବସ୍ଥା ଲାଗୁ ହେବ। ପୂର୍ବତନ ସୈନିକ (Ex-Servicemen), ଭିନ୍ନକ୍ଷମ (Handicapped) ଓ ବିଶିଷ୍ଟ କ୍ରୀଡ଼ାବିତ୍ (eminent sports personnel) ଙ୍କ ପାଇଁ ପଦବୀ ସଂରକ୍ଷିତ।
୭.	ପାରିଶ୍ରମିକ: ଶିକ୍ଷା ସହାୟକମାନଙ୍କୁ ମାସିକ ୪୦୦୦/- ଟଙ୍କା ପାରିଶ୍ରମିକ ଦିଆଯିବ।
୮.	ମେରିଟ୍ ତାଲିକା ପ୍ରସ୍ତୁତି ସମୟରେ HSC ଠାରୁ ଆରମ୍ଭ କରି ପ୍ରଶିକ୍ଷଣ ପର୍ଯ୍ୟନ୍ତ ସମସ୍ତ ପରୀକ୍ଷାର ମାର୍କ ଗଣନା କରାଯିବ।
୯.	ଯୋଗ୍ୟତା ପ୍ରମାଣପତ୍ରରେ କୌଣସି ଭୁଲ ତଥ୍ୟ ଦେଲେ ନିଯୁକ୍ତି ବାତିଲ କରାଯିବ ଓ ଆଇନଗତ କାର୍ଯ୍ୟାନୁଷ୍ଠାନ ଗ୍ରହଣ କରାଯିବ (Affidavit)।
ବିଶେଷ ଦ୍ରଷ୍ଟବ୍ୟ:-
୧.	ଯେଉଁ ପ୍ରାର୍ଥୀମାନଙ୍କ ମାର୍କସିଟ୍‌ରେ ଗ୍ରେଡ୍ ଦିଆଯାଇଛି ସେମାନେ ମାର୍କ ପ୍ରମାଣପତ୍ର ଦାଖଲ କରିବେ।
୨.	କୌଣସି ସାର୍ଟିଫିକେଟରେ ମୋଟ ମାର୍କ ଓ ରଖିଥିବା ମାର୍କ ସ୍ପଷ୍ଟ ନ ଥିଲେ ଶିକ୍ଷାନୁଷ୍ଠାନ ଦ୍ୱାରା ପ୍ରମାଣିତ ମାର୍କସିଟ୍ ଦାଖଲ କରିବାକୁ ହେବ।
ଆବେଦନ ପତ୍ର
ଜିଲ୍ଲାପାଳ ତଥା ମୁଖ୍ୟ ନିର୍ବାହୀ ଅଧିକାରୀଙ୍କ ୱେବସାଇଟ୍ Website www.balangir.nic.in ରୁ ଆବେଦନ ପତ୍ର ଡାଉନଲୋଡ୍ କରି ଯୋଗ୍ୟ ପ୍ରାର୍ଥୀ/ପ୍ରାର୍ଥିନୀମାନେ ନିମ୍ନ ଠିକଣାକୁ ରେଜିଷ୍ଟ୍ରି/ସ୍ପିଡ୍ ପୋଷ୍ଟ ଯୋଗେ ପଠାଇବେ। ଆବେଦନପତ୍ର ଖାମ ଉପରେ 'For the Post of SS' ଲେଖିବେ।
For the Post of SS
Collector-cum-Chief Executive Officer,
Zilla Parishad, Balangir,
Po/Dist.-Balangir-767001
ଆବେଦନପତ୍ର ପହଞ୍ଚିବାର ଶେଷ ତାରିଖ ୩୦।୧୨।୨୦୧୧ ସନ୍ଧ୍ୟା ୫ଟା ପର୍ଯ୍ୟନ୍ତ। ବିଳମ୍ବରେ ପହଞ୍ଚୁଥିବା ଆବେଦନପତ୍ର ଗ୍ରହଣ କରାଯିବ ନାହିଁ।
ସ୍ୱା./- ଜିଲ୍ଲାପାଳ ତଥା ମୁଖ୍ୟ ନିର୍ବାହୀ ଅଧିକାରୀ,
ଜିଲ୍ଲା ପରିଷଦ, ବଲାଙ୍ଗୀର
